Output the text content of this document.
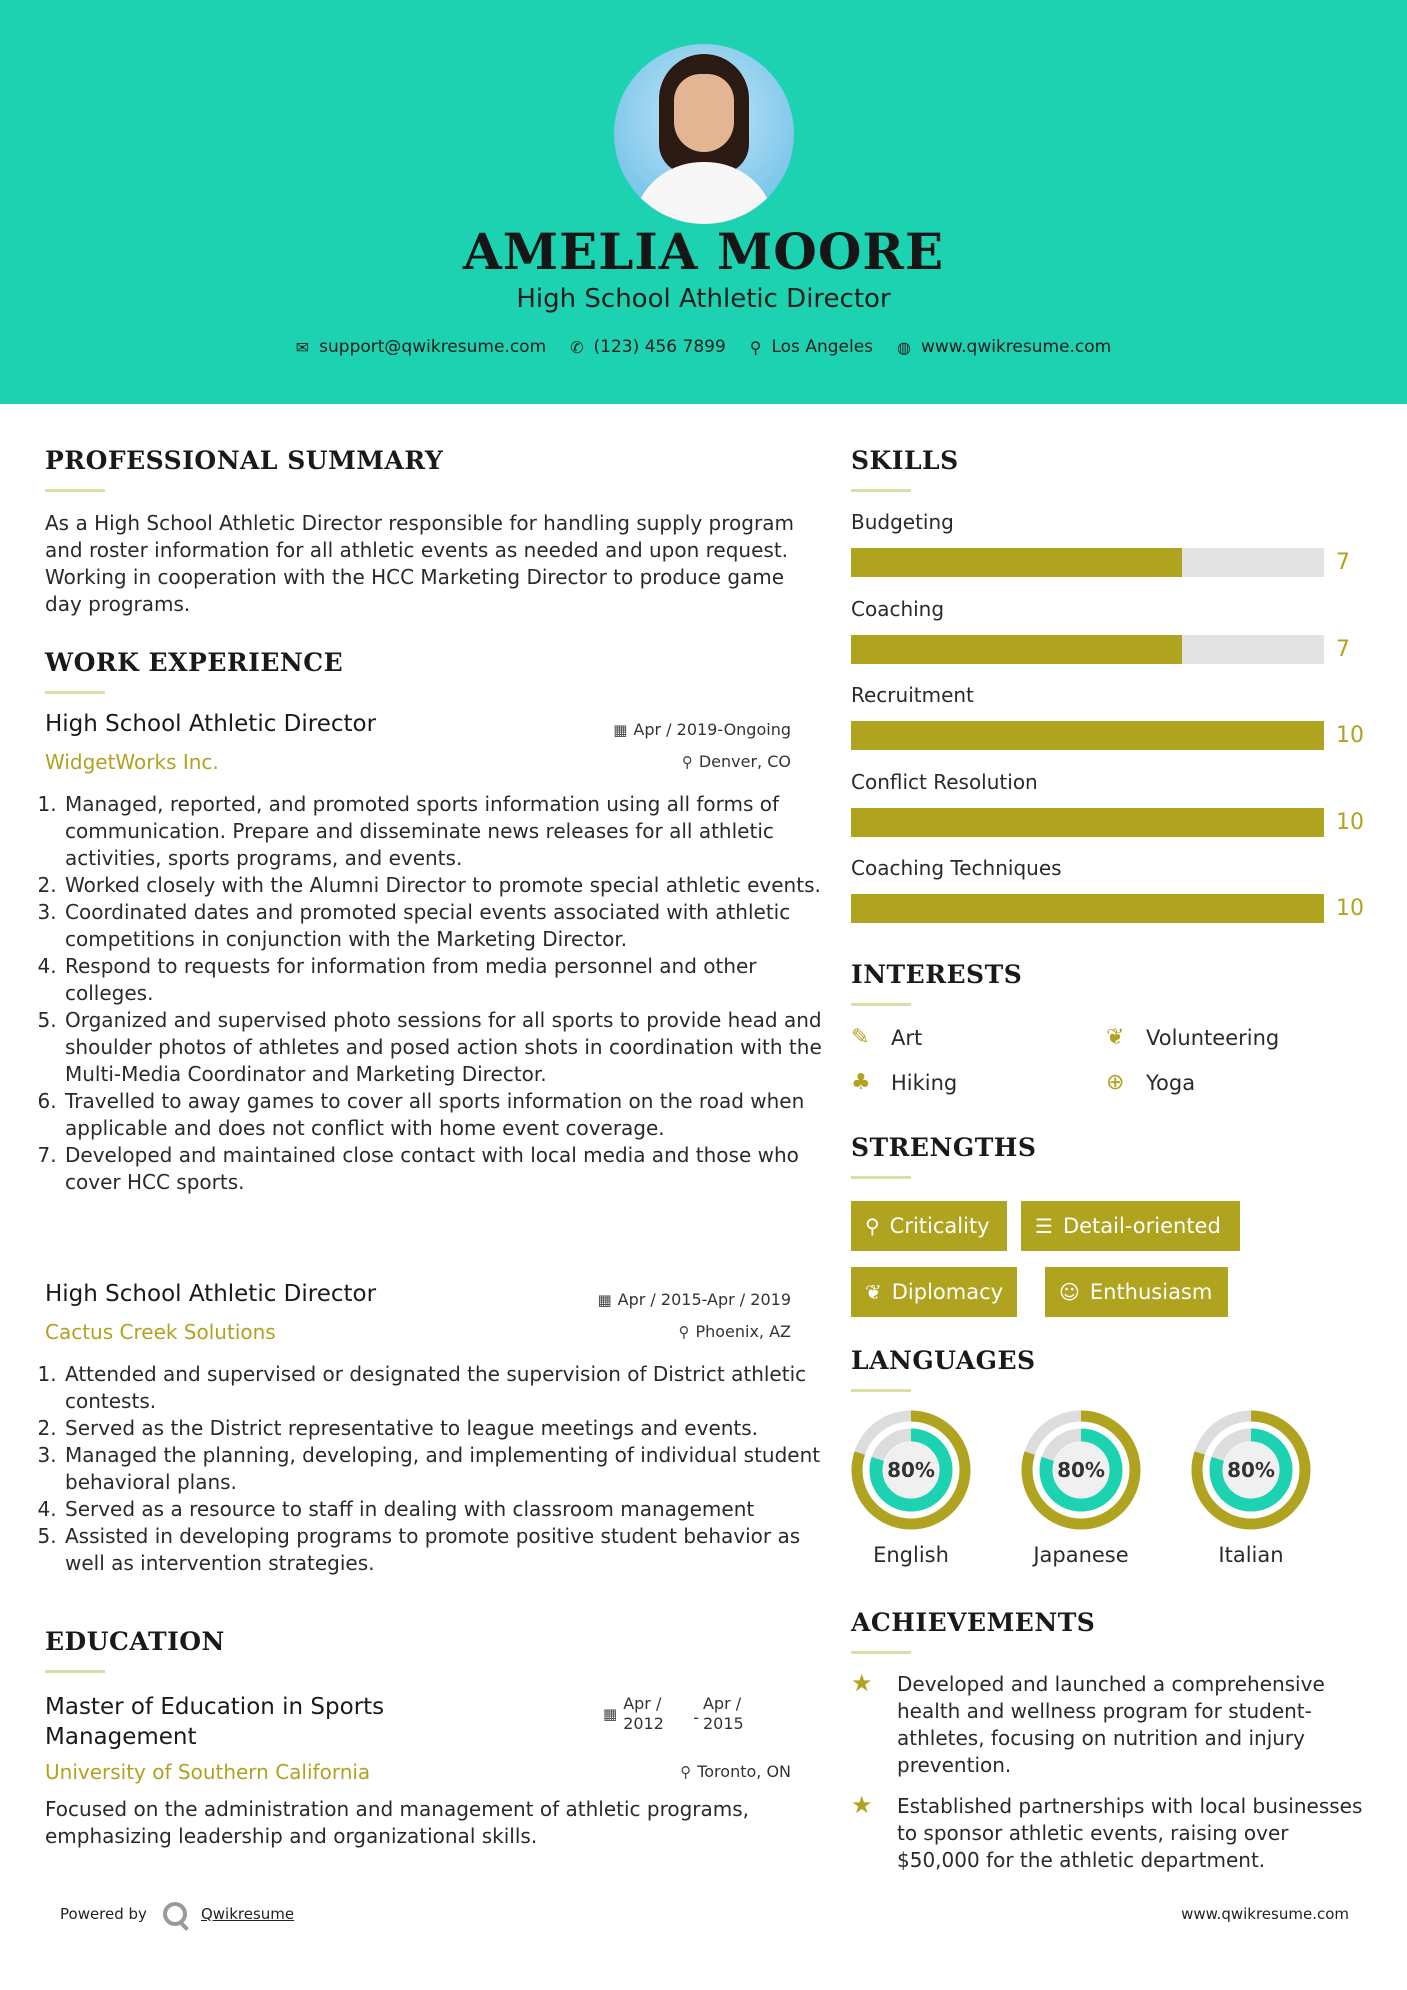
AMELIA MOORE
High School Athletic Director
✉ support@qwikresume.com ✆ (123) 456 7899 ⚲ Los Angeles ◍ www.qwikresume.com
PROFESSIONAL SUMMARY
As a High School Athletic Director responsible for handling supply program and roster information for all athletic events as needed and upon request. Working in cooperation with the HCC Marketing Director to produce game day programs.
WORK EXPERIENCE
High School Athletic Director	▦ Apr / 2019-Ongoing
WidgetWorks Inc.	⚲ Denver, CO
1. Managed, reported, and promoted sports information using all forms of communication. Prepare and disseminate news releases for all athletic activities, sports programs, and events.
2. Worked closely with the Alumni Director to promote special athletic events.
3. Coordinated dates and promoted special events associated with athletic competitions in conjunction with the Marketing Director.
4. Respond to requests for information from media personnel and other colleges.
5. Organized and supervised photo sessions for all sports to provide head and shoulder photos of athletes and posed action shots in coordination with the Multi-Media Coordinator and Marketing Director.
6. Travelled to away games to cover all sports information on the road when applicable and does not conflict with home event coverage.
7. Developed and maintained close contact with local media and those who cover HCC sports.
High School Athletic Director	▦ Apr / 2015-Apr / 2019
Cactus Creek Solutions	⚲ Phoenix, AZ
1. Attended and supervised or designated the supervision of District athletic contests.
2. Served as the District representative to league meetings and events.
3. Managed the planning, developing, and implementing of individual student behavioral plans.
4. Served as a resource to staff in dealing with classroom management
5. Assisted in developing programs to promote positive student behavior as well as intervention strategies.
EDUCATION
Master of Education in Sports Management
▦
Apr / 2012	-
Apr / 2015
University of Southern California	⚲ Toronto, ON
Focused on the administration and management of athletic programs, emphasizing leadership and organizational skills.
SKILLS
Budgeting
7
Coaching
7
Recruitment
10
Conflict Resolution
10
Coaching Techniques
10
INTERESTS
✎	Art	❦	Volunteering
♣ Hiking	⊕	Yoga
STRENGTHS
⚲ Criticality ☰ Detail-oriented
❦ Diplomacy	☺ Enthusiasm
LANGUAGES
80%
English
80%
Japanese
80%
Italian
ACHIEVEMENTS
★	Developed and launched a comprehensive health and wellness program for student-athletes, focusing on nutrition and injury prevention.
★	Established partnerships with local businesses to sponsor athletic events, raising over $50,000 for the athletic department.
Powered by	Qwikresume	www.qwikresume.com
